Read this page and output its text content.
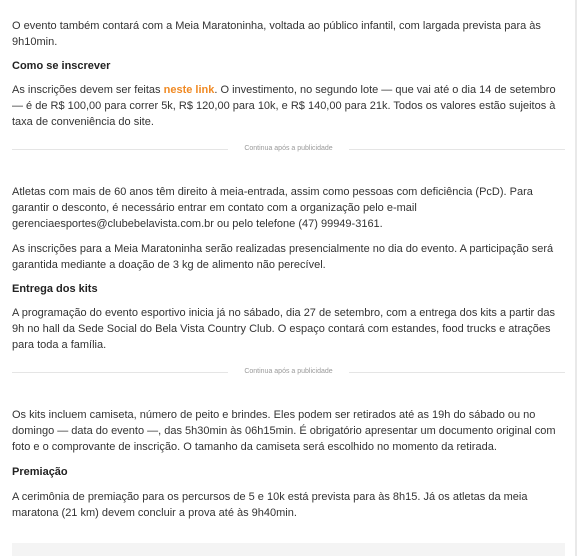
O evento também contará com a Meia Maratoninha, voltada ao público infantil, com largada prevista para às 9h10min.

Como se inscrever

As inscrições devem ser feitas neste link. O investimento, no segundo lote — que vai até o dia 14 de setembro — é de R$ 100,00 para correr 5k, R$ 120,00 para 10k, e R$ 140,00 para 21k. Todos os valores estão sujeitos à taxa de conveniência do site.

Continua após a publicidade

Atletas com mais de 60 anos têm direito à meia-entrada, assim como pessoas com deficiência (PcD). Para garantir o desconto, é necessário entrar em contato com a organização pelo e-mail gerenciaesportes@clubebelavista.com.br ou pelo telefone (47) 99949-3161.

As inscrições para a Meia Maratoninha serão realizadas presencialmente no dia do evento. A participação será garantida mediante a doação de 3 kg de alimento não perecível.

Entrega dos kits

A programação do evento esportivo inicia já no sábado, dia 27 de setembro, com a entrega dos kits a partir das 9h no hall da Sede Social do Bela Vista Country Club. O espaço contará com estandes, food trucks e atrações para toda a família.

Continua após a publicidade

Os kits incluem camiseta, número de peito e brindes. Eles podem ser retirados até as 19h do sábado ou no domingo — data do evento —, das 5h30min às 06h15min. É obrigatório apresentar um documento original com foto e o comprovante de inscrição. O tamanho da camiseta será escolhido no momento da retirada.

Premiação

A cerimônia de premiação para os percursos de 5 e 10k está prevista para às 8h15. Já os atletas da meia maratona (21 km) devem concluir a prova até às 9h40min.
